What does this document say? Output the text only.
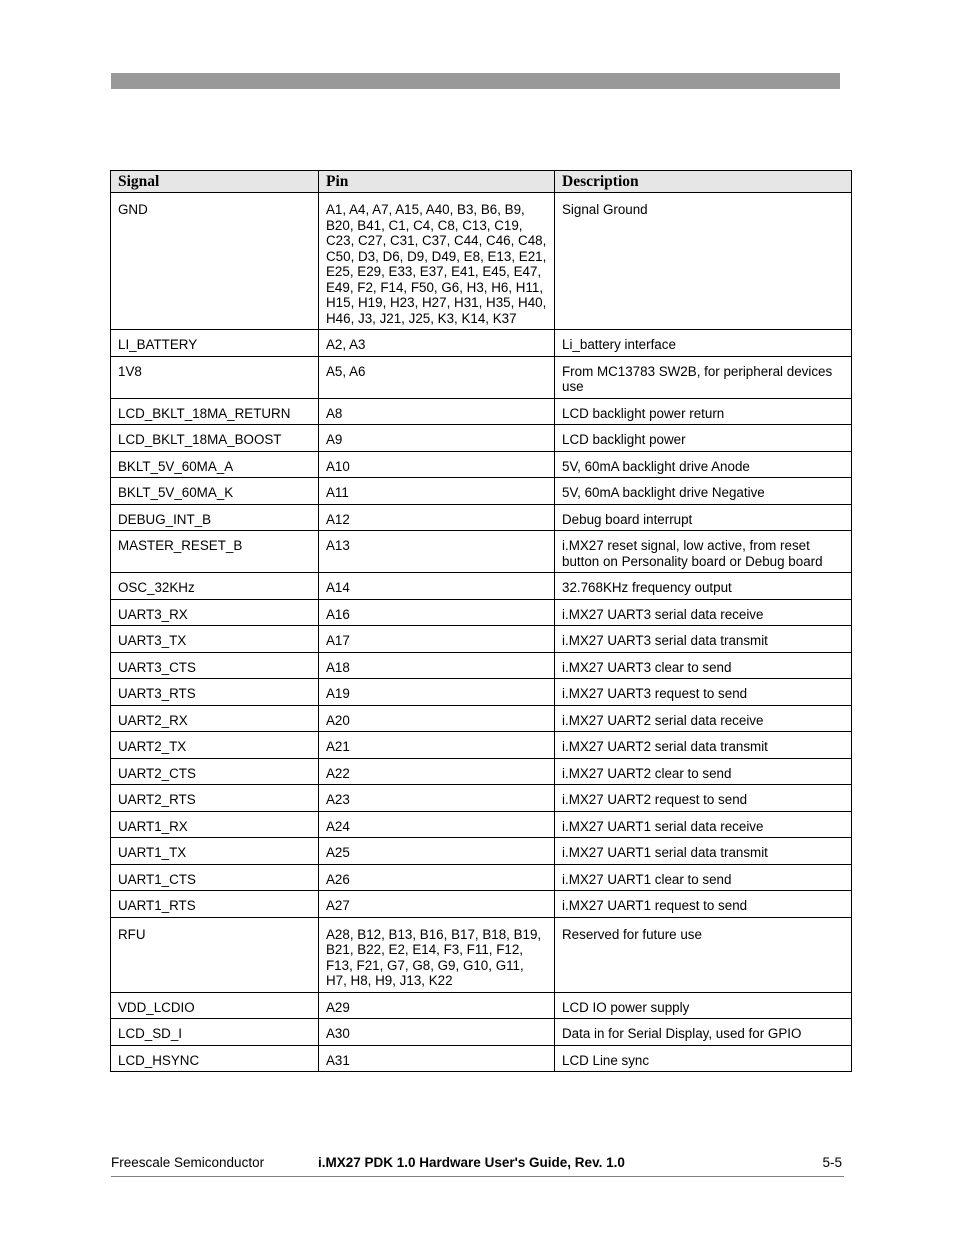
Signal	Pin	Description
GND	A1, A4, A7, A15, A40, B3, B6, B9, B20, B41, C1, C4, C8, C13, C19, C23, C27, C31, C37, C44, C46, C48, C50, D3, D6, D9, D49, E8, E13, E21, E25, E29, E33, E37, E41, E45, E47, E49, F2, F14, F50, G6, H3, H6, H11, H15, H19, H23, H27, H31, H35, H40, H46, J3, J21, J25, K3, K14, K37	Signal Ground
LI_BATTERY	A2, A3	Li_battery interface
1V8	A5, A6	From MC13783 SW2B, for peripheral devices use
LCD_BKLT_18MA_RETURN	A8	LCD backlight power return
LCD_BKLT_18MA_BOOST	A9	LCD backlight power
BKLT_5V_60MA_A	A10	5V, 60mA backlight drive Anode
BKLT_5V_60MA_K	A11	5V, 60mA backlight drive Negative
DEBUG_INT_B	A12	Debug board interrupt
MASTER_RESET_B	A13	i.MX27 reset signal, low active, from reset button on Personality board or Debug board
OSC_32KHz	A14	32.768KHz frequency output
UART3_RX	A16	i.MX27 UART3 serial data receive
UART3_TX	A17	i.MX27 UART3 serial data transmit
UART3_CTS	A18	i.MX27 UART3 clear to send
UART3_RTS	A19	i.MX27 UART3 request to send
UART2_RX	A20	i.MX27 UART2 serial data receive
UART2_TX	A21	i.MX27 UART2 serial data transmit
UART2_CTS	A22	i.MX27 UART2 clear to send
UART2_RTS	A23	i.MX27 UART2 request to send
UART1_RX	A24	i.MX27 UART1 serial data receive
UART1_TX	A25	i.MX27 UART1 serial data transmit
UART1_CTS	A26	i.MX27 UART1 clear to send
UART1_RTS	A27	i.MX27 UART1 request to send
RFU	A28, B12, B13, B16, B17, B18, B19, B21, B22, E2, E14, F3, F11, F12, F13, F21, G7, G8, G9, G10, G11, H7, H8, H9, J13, K22	Reserved for future use
VDD_LCDIO	A29	LCD IO power supply
LCD_SD_I	A30	Data in for Serial Display, used for GPIO
LCD_HSYNC	A31	LCD Line sync
Freescale Semiconductor	i.MX27 PDK 1.0 Hardware User's Guide, Rev. 1.0	5-5
